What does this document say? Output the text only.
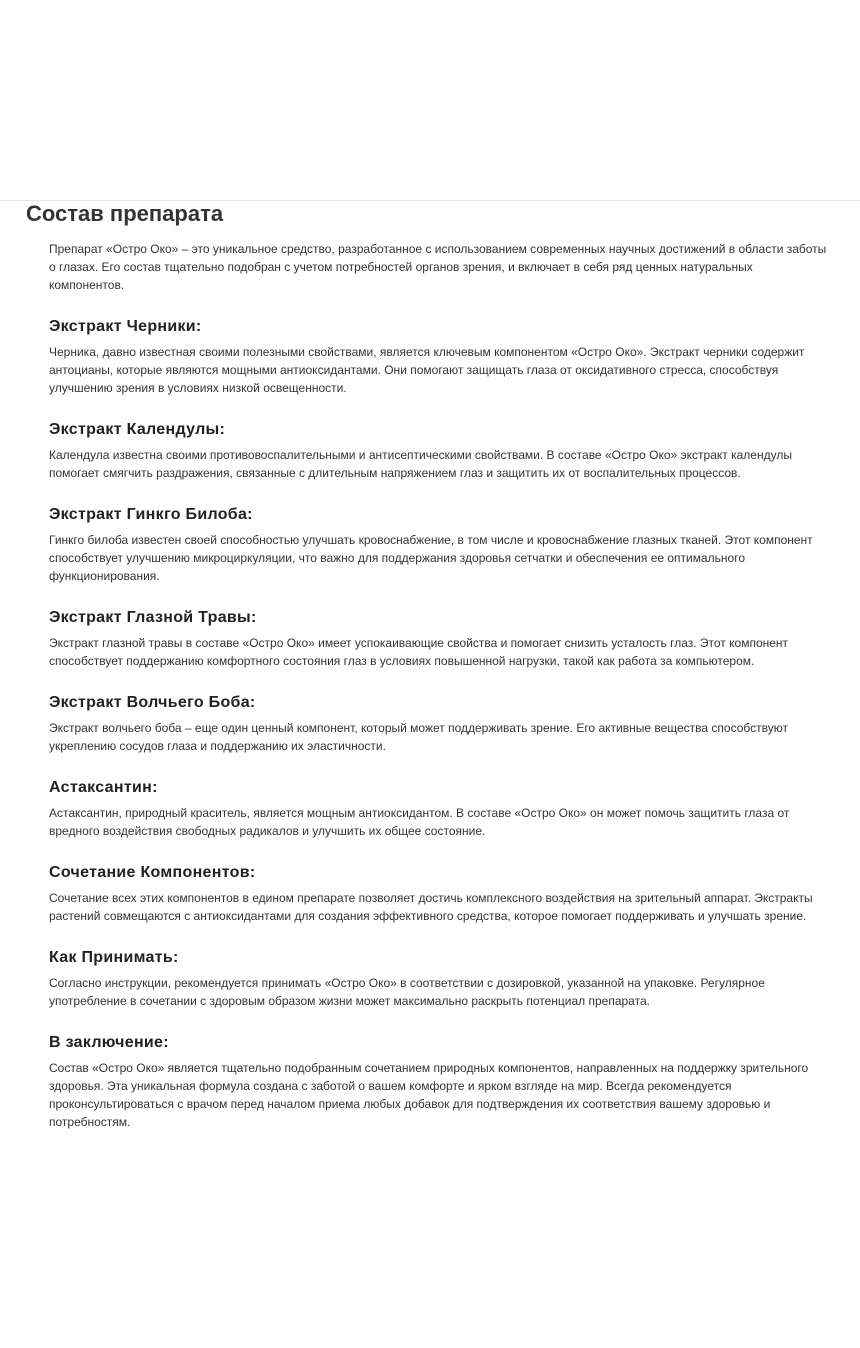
Состав препарата

Препарат «Остро Око» – это уникальное средство, разработанное с использованием современных научных достижений в области заботы о глазах. Его состав тщательно подобран с учетом потребностей органов зрения, и включает в себя ряд ценных натуральных компонентов.

Экстракт Черники:

Черника, давно известная своими полезными свойствами, является ключевым компонентом «Остро Око». Экстракт черники содержит антоцианы, которые являются мощными антиоксидантами. Они помогают защищать глаза от оксидативного стресса, способствуя улучшению зрения в условиях низкой освещенности.

Экстракт Календулы:

Календула известна своими противовоспалительными и антисептическими свойствами. В составе «Остро Око» экстракт календулы помогает смягчить раздражения, связанные с длительным напряжением глаз и защитить их от воспалительных процессов.

Экстракт Гинкго Билоба:

Гинкго билоба известен своей способностью улучшать кровоснабжение, в том числе и кровоснабжение глазных тканей. Этот компонент способствует улучшению микроциркуляции, что важно для поддержания здоровья сетчатки и обеспечения ее оптимального функционирования.

Экстракт Глазной Травы:

Экстракт глазной травы в составе «Остро Око» имеет успокаивающие свойства и помогает снизить усталость глаз. Этот компонент способствует поддержанию комфортного состояния глаз в условиях повышенной нагрузки, такой как работа за компьютером.

Экстракт Волчьего Боба:

Экстракт волчьего боба – еще один ценный компонент, который может поддерживать зрение. Его активные вещества способствуют укреплению сосудов глаза и поддержанию их эластичности.

Астаксантин:

Астаксантин, природный краситель, является мощным антиоксидантом. В составе «Остро Око» он может помочь защитить глаза от вредного воздействия свободных радикалов и улучшить их общее состояние.

Сочетание Компонентов:

Сочетание всех этих компонентов в едином препарате позволяет достичь комплексного воздействия на зрительный аппарат. Экстракты растений совмещаются с антиоксидантами для создания эффективного средства, которое помогает поддерживать и улучшать зрение.

Как Принимать:

Согласно инструкции, рекомендуется принимать «Остро Око» в соответствии с дозировкой, указанной на упаковке. Регулярное употребление в сочетании с здоровым образом жизни может максимально раскрыть потенциал препарата.

В заключение:

Состав «Остро Око» является тщательно подобранным сочетанием природных компонентов, направленных на поддержку зрительного здоровья. Эта уникальная формула создана с заботой о вашем комфорте и ярком взгляде на мир. Всегда рекомендуется проконсультироваться с врачом перед началом приема любых добавок для подтверждения их соответствия вашему здоровью и потребностям.
